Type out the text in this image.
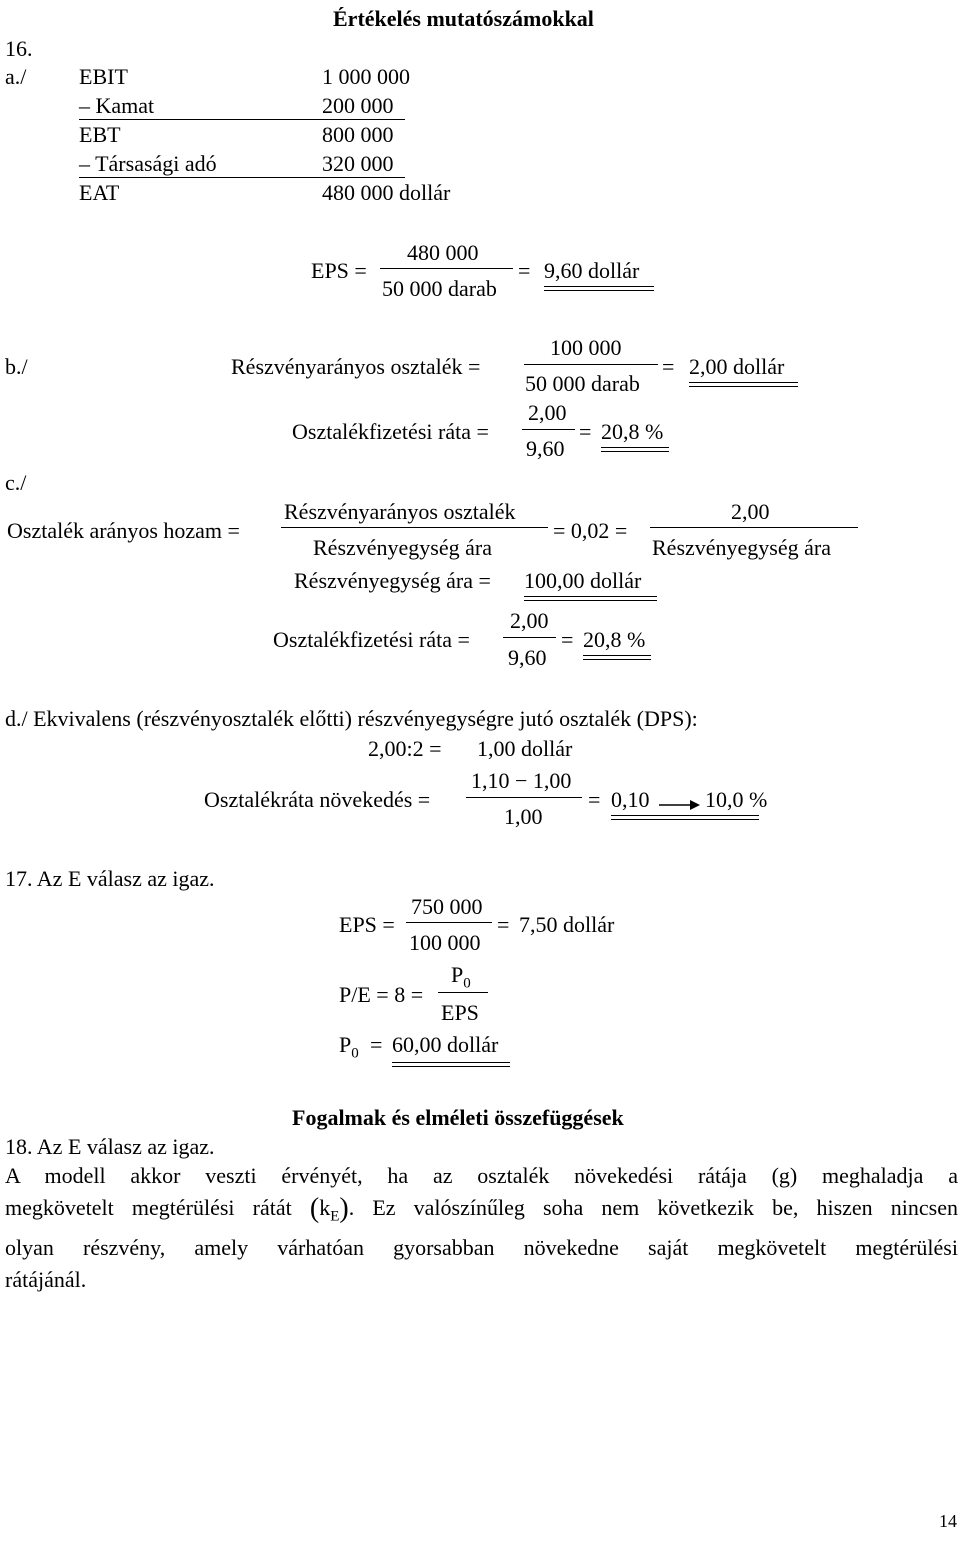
Értékelés mutatószámokkal
16.
a./ EBIT	1 000 000
– Kamat	200 000
EBT	800 000
– Társasági adó	320 000
EAT	480 000 dollár
EPS =
480 000
50 000 darab
= 9,60 dollár
b./	Részvényarányos osztalék =
100 000
50 000 darab
= 2,00 dollár
Osztalékfizetési ráta =
2,00
9,60
= 20,8 %
c./
Osztalék arányos hozam =
Részvényarányos osztalék
Részvényegység ára
= 0,02 =
2,00
Részvényegység ára
Részvényegység ára = 100,00 dollár
Osztalékfizetési ráta =
2,00
9,60
= 20,8 %
d./ Ekvivalens (részvényosztalék előtti) részvényegységre jutó osztalék (DPS):
2,00:2 = 1,00 dollár
Osztalékráta növekedés =
1,10 − 1,00
1,00
= 0,10	10,0 %
17. Az E válasz az igaz.
EPS =
750 000
100 000
= 7,50 dollár
P/E = 8 =
$P_0$
EPS
$P_0 = 60,00$ dollár
Fogalmak és elméleti összefüggések
18. Az E válasz az igaz.
A modell akkor veszti érvényét, ha az osztalék növekedési rátája (g) meghaladja a
megkövetelt megtérülési rátát $(k_E)$. Ez valószínűleg soha nem következik be, hiszen nincsen
olyan részvény, amely várhatóan gyorsabban növekedne saját megkövetelt megtérülési
rátájánál.
14
